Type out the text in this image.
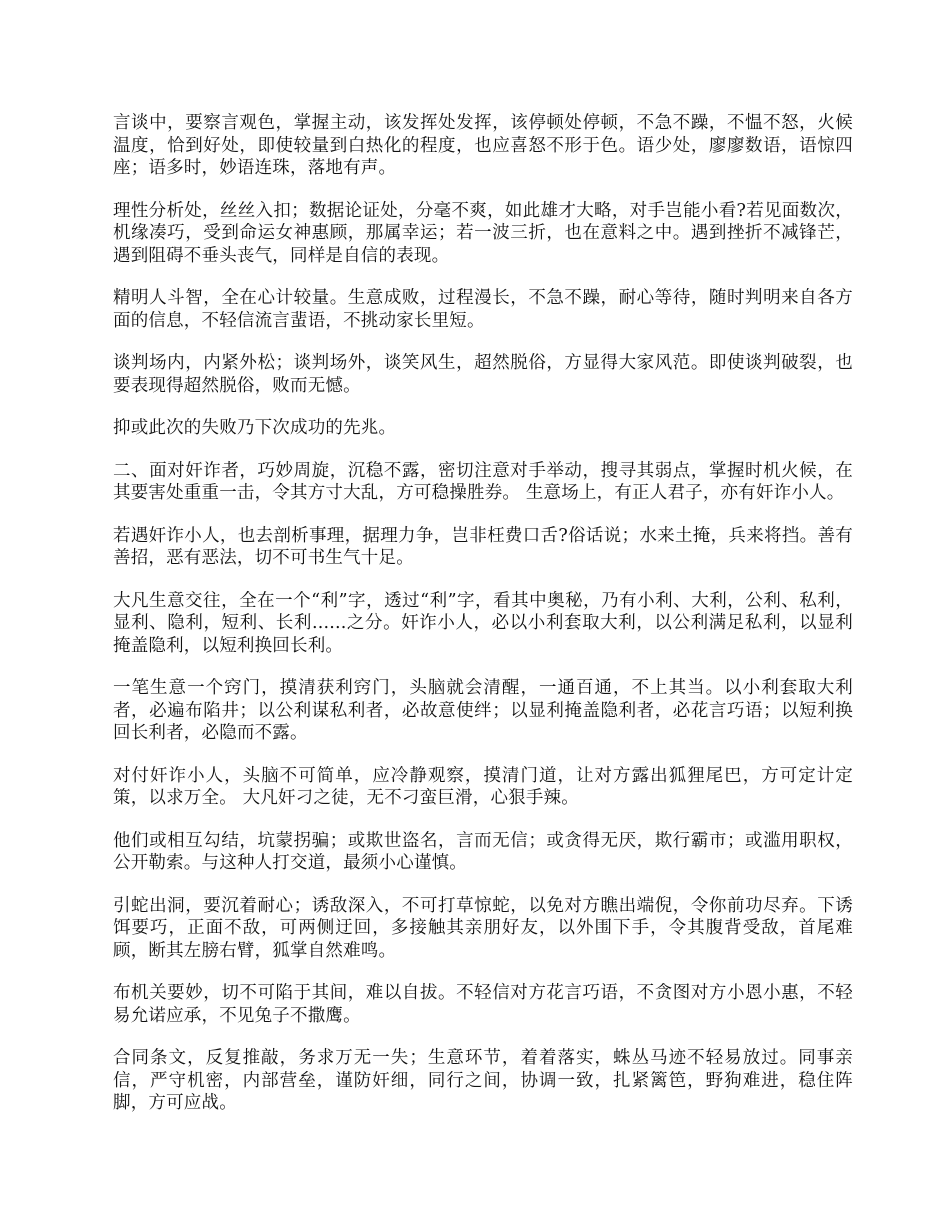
言谈中，要察言观色，掌握主动，该发挥处发挥，该停顿处停顿，不急不躁，不愠不怒，火候温度，恰到好处，即使较量到白热化的程度，也应喜怒不形于色。语少处，廖廖数语，语惊四座；语多时，妙语连珠，落地有声。

理性分析处，丝丝入扣；数据论证处，分毫不爽，如此雄才大略，对手岂能小看?若见面数次，机缘凑巧，受到命运女神惠顾，那属幸运；若一波三折，也在意料之中。遇到挫折不减锋芒，遇到阻碍不垂头丧气，同样是自信的表现。

精明人斗智，全在心计较量。生意成败，过程漫长，不急不躁，耐心等待，随时判明来自各方面的信息，不轻信流言蜚语，不挑动家长里短。

谈判场内，内紧外松；谈判场外，谈笑风生，超然脱俗，方显得大家风范。即使谈判破裂，也要表现得超然脱俗，败而无憾。

抑或此次的失败乃下次成功的先兆。

二、面对奸诈者，巧妙周旋，沉稳不露，密切注意对手举动，搜寻其弱点，掌握时机火候，在其要害处重重一击，令其方寸大乱，方可稳操胜券。 生意场上，有正人君子，亦有奸诈小人。

若遇奸诈小人，也去剖析事理，据理力争，岂非枉费口舌?俗话说；水来土掩，兵来将挡。善有善招，恶有恶法，切不可书生气十足。

大凡生意交往，全在一个“利”字，透过“利”字，看其中奥秘，乃有小利、大利，公利、私利，显利、隐利，短利、长利......之分。奸诈小人，必以小利套取大利，以公利满足私利，以显利掩盖隐利，以短利换回长利。

一笔生意一个窍门，摸清获利窍门，头脑就会清醒，一通百通，不上其当。以小利套取大利者，必遍布陷井；以公利谋私利者，必故意使绊；以显利掩盖隐利者，必花言巧语；以短利换回长利者，必隐而不露。

对付奸诈小人，头脑不可简单，应冷静观察，摸清门道，让对方露出狐狸尾巴，方可定计定策，以求万全。 大凡奸刁之徒，无不刁蛮巨滑，心狠手辣。

他们或相互勾结，坑蒙拐骗；或欺世盗名，言而无信；或贪得无厌，欺行霸市；或滥用职权，公开勒索。与这种人打交道，最须小心谨慎。

引蛇出洞，要沉着耐心；诱敌深入，不可打草惊蛇，以免对方瞧出端倪，令你前功尽弃。下诱饵要巧，正面不敌，可两侧迂回，多接触其亲朋好友，以外围下手，令其腹背受敌，首尾难顾，断其左膀右臂，狐掌自然难鸣。

布机关要妙，切不可陷于其间，难以自拔。不轻信对方花言巧语，不贪图对方小恩小惠，不轻易允诺应承，不见兔子不撒鹰。

合同条文，反复推敲，务求万无一失；生意环节，着着落实，蛛丛马迹不轻易放过。同事亲信，严守机密，内部营垒，谨防奸细，同行之间，协调一致，扎紧篱笆，野狗难进，稳住阵脚，方可应战。
